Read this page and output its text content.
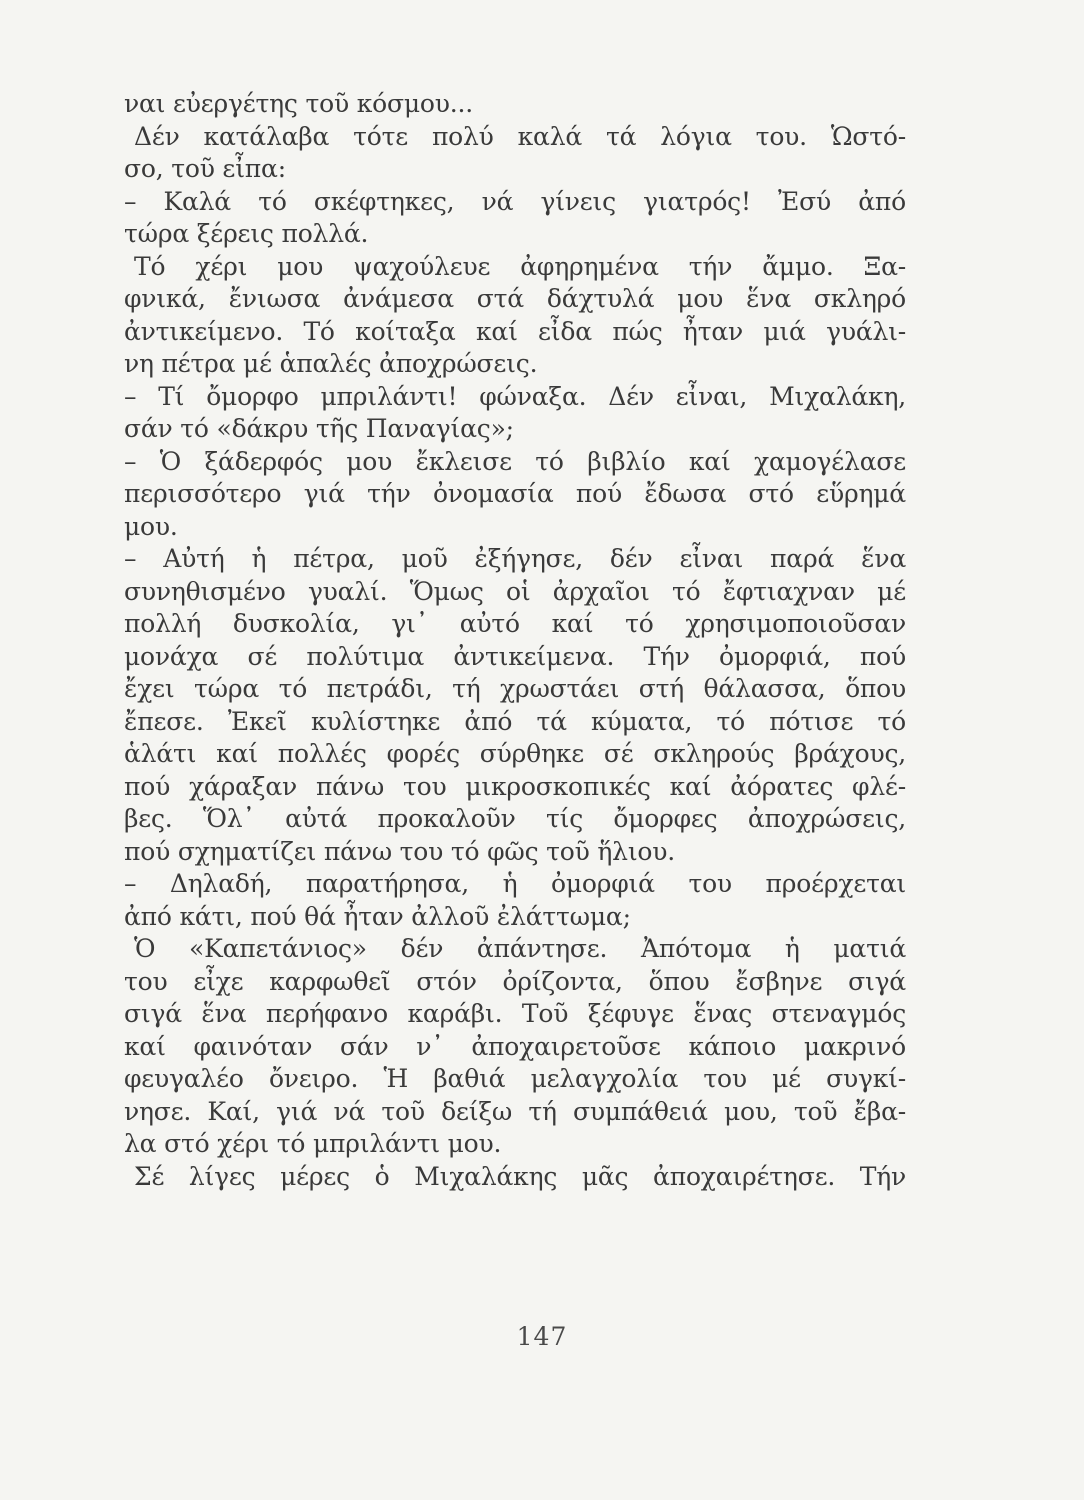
ναι εὐεργέτης τοῦ κόσμου...
Δέν κατάλαβα τότε πολύ καλά τά λόγια του. Ὡστό-
σο, τοῦ εἶπα:
– Καλά τό σκέφτηκες, νά γίνεις γιατρός! Ἐσύ ἀπό
τώρα ξέρεις πολλά.
Τό χέρι μου ψαχούλευε ἀφηρημένα τήν ἄμμο. Ξα-
φνικά, ἔνιωσα ἀνάμεσα στά δάχτυλά μου ἕνα σκληρό
ἀντικείμενο. Τό κοίταξα καί εἶδα πώς ἦταν μιά γυάλι-
νη πέτρα μέ ἁπαλές ἀποχρώσεις.
– Τί ὄμορφο μπριλάντι! φώναξα. Δέν εἶναι, Μιχαλάκη,
σάν τό «δάκρυ τῆς Παναγίας»;
– Ὁ ξάδερφός μου ἔκλεισε τό βιβλίο καί χαμογέλασε
περισσότερο γιά τήν ὀνομασία πού ἔδωσα στό εὕρημά
μου.
– Αὐτή ἡ πέτρα, μοῦ ἐξήγησε, δέν εἶναι παρά ἕνα
συνηθισμένο γυαλί. Ὅμως οἱ ἀρχαῖοι τό ἔφτιαχναν μέ
πολλή δυσκολία, γι᾿ αὐτό καί τό χρησιμοποιοῦσαν
μονάχα σέ πολύτιμα ἀντικείμενα. Τήν ὀμορφιά, πού
ἔχει τώρα τό πετράδι, τή χρωστάει στή θάλασσα, ὅπου
ἔπεσε. Ἐκεῖ κυλίστηκε ἀπό τά κύματα, τό πότισε τό
ἁλάτι καί πολλές φορές σύρθηκε σέ σκληρούς βράχους,
πού χάραξαν πάνω του μικροσκοπικές καί ἀόρατες φλέ-
βες. Ὅλ᾿ αὐτά προκαλοῦν τίς ὄμορφες ἀποχρώσεις,
πού σχηματίζει πάνω του τό φῶς τοῦ ἥλιου.
– Δηλαδή, παρατήρησα, ἡ ὀμορφιά του προέρχεται
ἀπό κάτι, πού θά ἦταν ἀλλοῦ ἐλάττωμα;
Ὁ «Καπετάνιος» δέν ἀπάντησε. Ἀπότομα ἡ ματιά
του εἶχε καρφωθεῖ στόν ὀρίζοντα, ὅπου ἔσβηνε σιγά
σιγά ἕνα περήφανο καράβι. Τοῦ ξέφυγε ἕνας στεναγμός
καί φαινόταν σάν ν᾿ ἀποχαιρετοῦσε κάποιο μακρινό
φευγαλέο ὄνειρο. Ἡ βαθιά μελαγχολία του μέ συγκί-
νησε. Καί, γιά νά τοῦ δείξω τή συμπάθειά μου, τοῦ ἔβα-
λα στό χέρι τό μπριλάντι μου.
Σέ λίγες μέρες ὁ Μιχαλάκης μᾶς ἀποχαιρέτησε. Τήν
147
